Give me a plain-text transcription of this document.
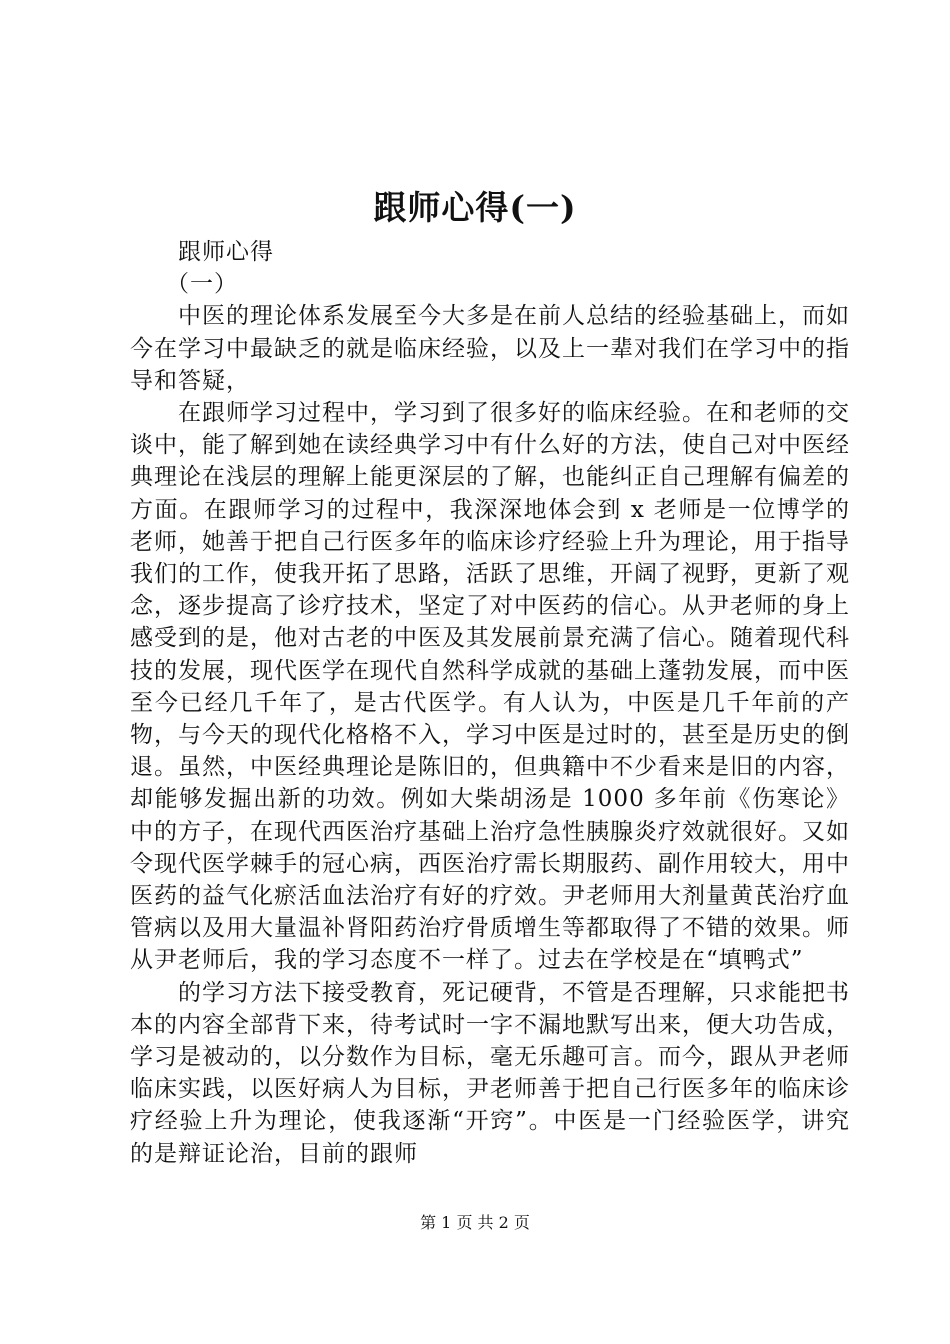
跟师心得(一)

跟师心得

（一）

中医的理论体系发展至今大多是在前人总结的经验基础上，而如今在学习中最缺乏的就是临床经验，以及上一辈对我们在学习中的指导和答疑，

在跟师学习过程中，学习到了很多好的临床经验。在和老师的交谈中，能了解到她在读经典学习中有什么好的方法，使自己对中医经典理论在浅层的理解上能更深层的了解，也能纠正自己理解有偏差的方面。在跟师学习的过程中，我深深地体会到 x 老师是一位博学的老师，她善于把自己行医多年的临床诊疗经验上升为理论，用于指导我们的工作，使我开拓了思路，活跃了思维，开阔了视野，更新了观念，逐步提高了诊疗技术，坚定了对中医药的信心。从尹老师的身上感受到的是，他对古老的中医及其发展前景充满了信心。随着现代科技的发展，现代医学在现代自然科学成就的基础上蓬勃发展，而中医至今已经几千年了，是古代医学。有人认为，中医是几千年前的产物，与今天的现代化格格不入，学习中医是过时的，甚至是历史的倒退。虽然，中医经典理论是陈旧的，但典籍中不少看来是旧的内容，却能够发掘出新的功效。例如大柴胡汤是 1000 多年前《伤寒论》中的方子，在现代西医治疗基础上治疗急性胰腺炎疗效就很好。又如令现代医学棘手的冠心病，西医治疗需长期服药、副作用较大，用中医药的益气化瘀活血法治疗有好的疗效。尹老师用大剂量黄芪治疗血管病以及用大量温补肾阳药治疗骨质增生等都取得了不错的效果。师从尹老师后，我的学习态度不一样了。过去在学校是在“填鸭式”

的学习方法下接受教育，死记硬背，不管是否理解，只求能把书本的内容全部背下来，待考试时一字不漏地默写出来，便大功告成，学习是被动的，以分数作为目标，毫无乐趣可言。而今，跟从尹老师临床实践，以医好病人为目标，尹老师善于把自己行医多年的临床诊疗经验上升为理论，使我逐渐“开窍”。中医是一门经验医学，讲究的是辩证论治，目前的跟师

第 1 页 共 2 页
